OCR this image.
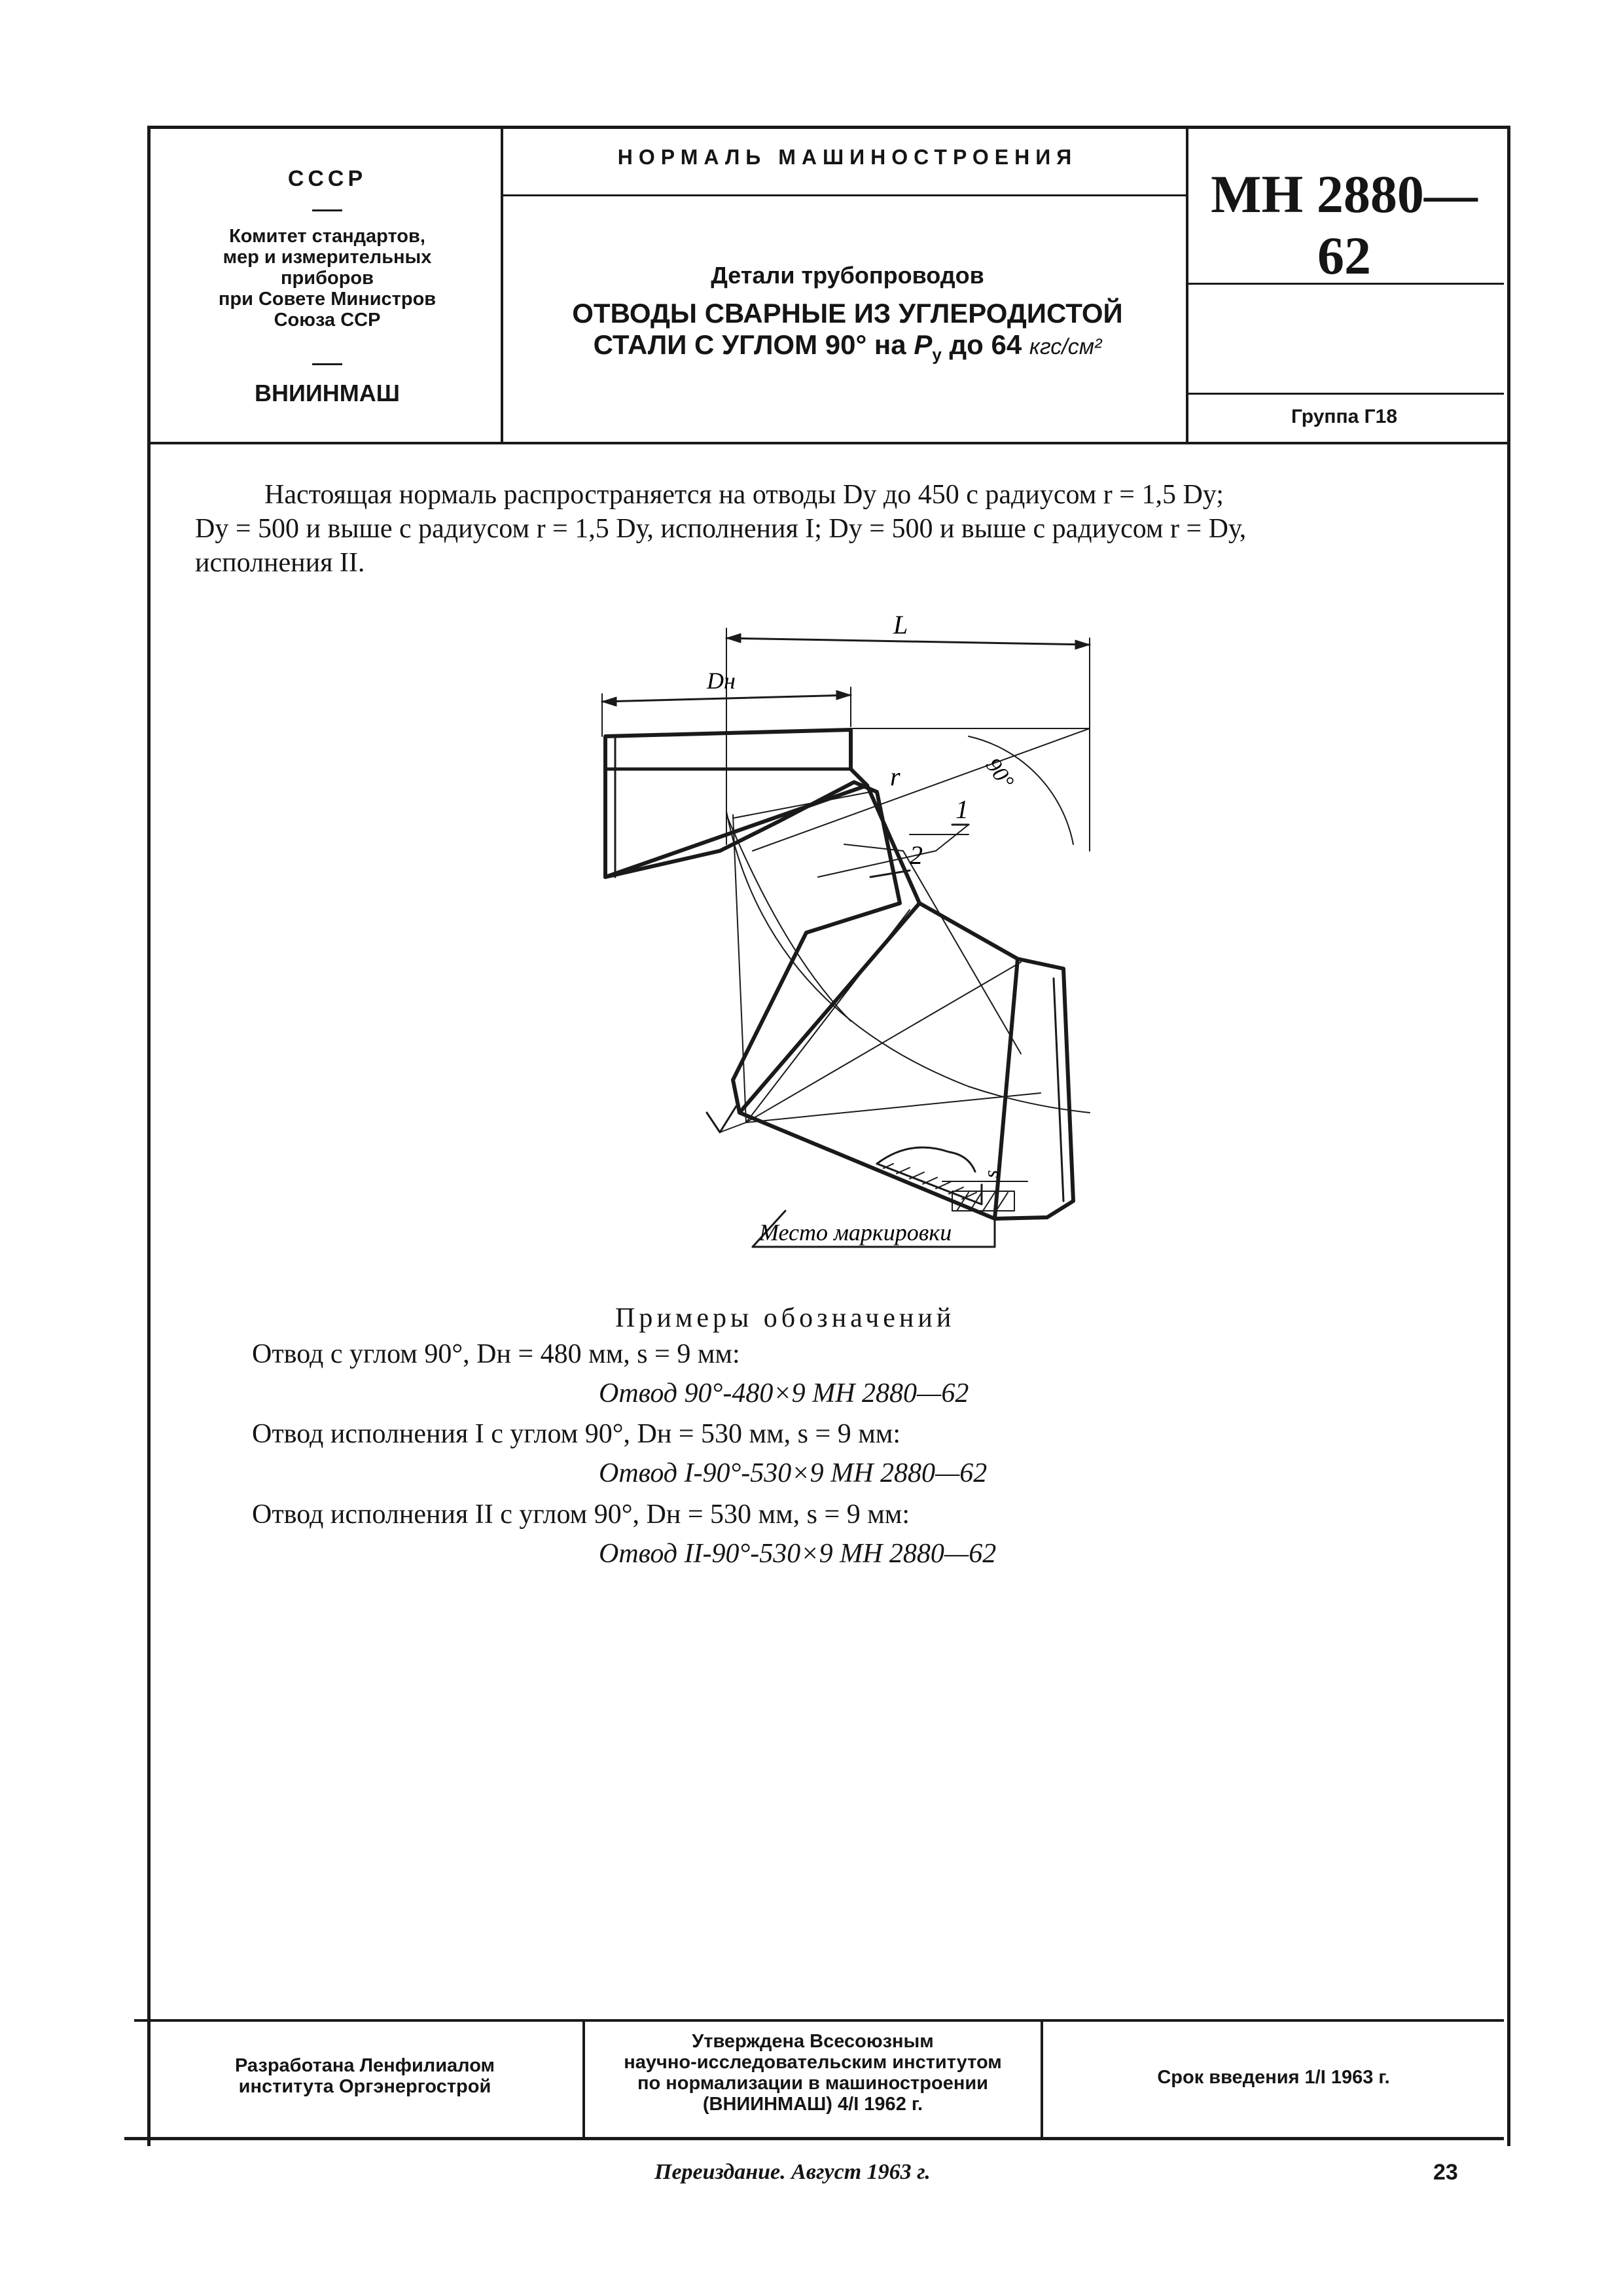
СССР
Комитет стандартов,
мер и измерительных
приборов
при Совете Министров
Союза ССР
ВНИИНМАШ
НОРМАЛЬ МАШИНОСТРОЕНИЯ
Детали трубопроводов
ОТВОДЫ СВАРНЫЕ ИЗ УГЛЕРОДИСТОЙ
СТАЛИ С УГЛОМ 90° на $P_у$ до 64 кгс/см²
МН 2880—62
Группа Г18

Настоящая нормаль распространяется на отводы Dу до 450 с радиусом r = 1,5 Dу;

Dу = 500 и выше с радиусом r = 1,5 Dу, исполнения I; Dу = 500 и выше с радиусом r = Dу,

исполнения II.

L
Dн
r	90°
1
2
s
Место маркировки
Примеры обозначений
Отвод с углом 90°, Dн = 480 мм, s = 9 мм:
Отвод 90°-480×9 МН 2880—62
Отвод исполнения I с углом 90°, Dн = 530 мм, s = 9 мм:
Отвод I-90°-530×9 МН 2880—62
Отвод исполнения II с углом 90°, Dн = 530 мм, s = 9 мм:
Отвод II-90°-530×9 МН 2880—62
Разработана Ленфилиалом
института Оргэнергострой
Утверждена Всесоюзным
научно-исследовательским институтом
по нормализации в машиностроении
(ВНИИНМАШ) 4/I 1962 г.
Срок введения 1/I 1963 г.
Переиздание. Август 1963 г.	23
